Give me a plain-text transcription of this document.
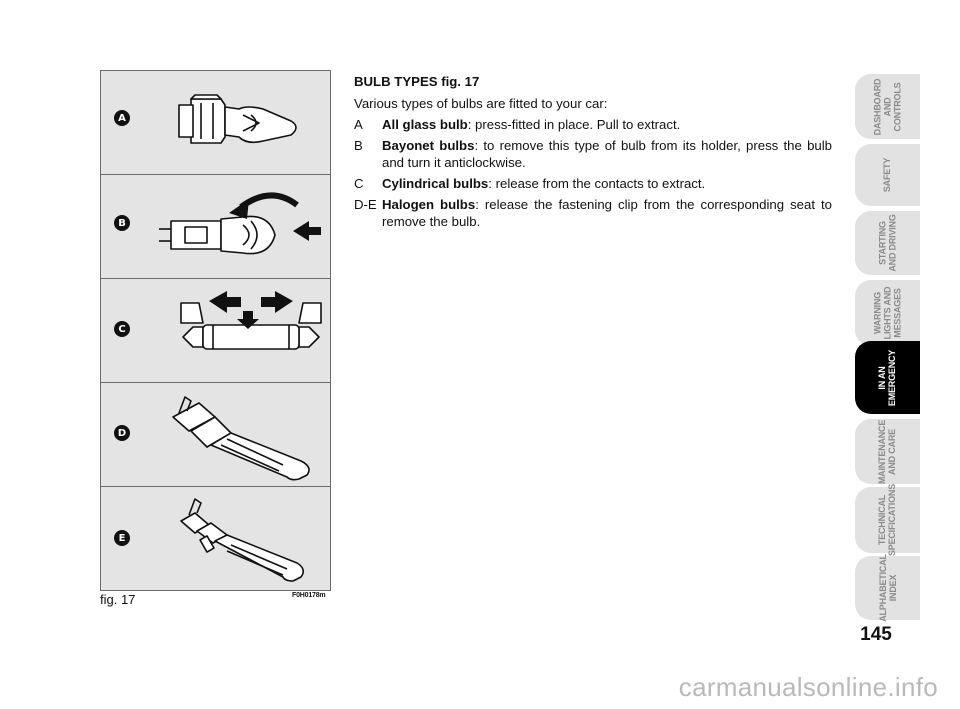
A
B
C
D
E
fig. 17	F0H0178m
BULB TYPES fig. 17
Various types of bulbs are fitted to your car:
A	All glass bulb: press-fitted in place. Pull to extract.
B	Bayonet bulbs: to remove this type of bulb from its holder, press the bulb and turn it anticlockwise.
C	Cylindrical bulbs: release from the contacts to extract.
D-E Halogen bulbs: release the fastening clip from the corresponding seat to remove the bulb.
DASHBOARD
AND
CONTROLS
SAFETY
STARTING
AND DRIVING
WARNING
LIGHTS AND
MESSAGES
IN AN
EMERGENCY
MAINTENANCE
AND CARE
TECHNICAL
SPECIFICATIONS
ALPHABETICAL
INDEX
145
carmanualsonline.info
